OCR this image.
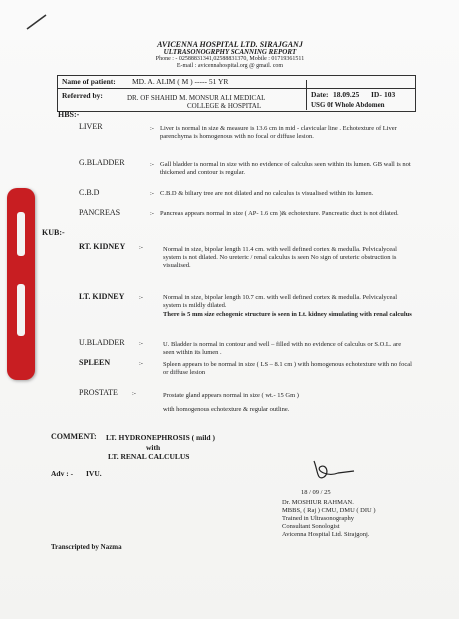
AVICENNA HOSPITAL LTD. SIRAJGANJ
ULTRASONOGRPHY SCANNING REPORT
Phone : - 02588831341,02588831370, Mobile : 01719361511
E-mail : avicennahospital.org @ gmail. com
Name of patient: MD. A. ALIM ( M ) ----- 51 YR
Date: 18.09.25 ID- 103
Referred by:	DR. OF SHAHID M. MONSUR ALI MEDICAL
COLLEGE & HOSPITAL	USG 0f Whole Abdomen
HBS:-
LIVER	:- Liver is normal in size & measure is 13.6 cm in mid - clavicular line . Echotexture of Liver parenchyma is homogenous with no focal or diffuse lesion.
G.BLADDER	:- Gall bladder is normal in size with no evidence of calculus seen within its lumen. GB wall is not thickened and contour is regular.
C.B.D	:- C.B.D & biliary tree are not dilated and no calculus is visualised within its lumen.
PANCREAS	:- Pancreas appears normal in size ( AP- 1.6 cm )& echotexture. Pancreatic duct is not dilated.
KUB:-
RT. KIDNEY :-	Normal in size, bipolar length 11.4 cm. with well defined cortex & medulla. Pelvicalyceal system is not dilated. No ureteric / renal calculus is seen No sign of ureteric obstruction is visualised.
LT. KIDNEY :-	Normal in size, bipolar length 10.7 cm. with well defined cortex & medulla. Pelvicalyceal system is mildly dilated.
There is 5 mm size echogenic structure is seen in Lt. kidney simulating with renal calculus
U.BLADDER :-	U. Bladder is normal in contour and well – filled with no evidence of calculus or S.O.L. are seen within its lumen .
SPLEEN	:-	Spleen appears to be normal in size ( LS – 8.1 cm ) with homogenous echotexture with no focal or diffuse lesion
PROSTATE :-	Prostate gland appears normal in size ( wt.- 15 Gm )
with homogenous echotexture & regular outline.
COMMENT: LT. HYDRONEPHROSIS ( mild )
with
LT. RENAL CALCULUS
Adv : - IVU.
18 / 09 / 25
Dr. MOSHIUR RAHMAN.
MBBS, ( Raj ) CMU, DMU ( DIU )
Trained in Ultrasonography
Consultant Sonologist
Avicenna Hospital Ltd. Sirajgonj.
Transcripted by Nazma
